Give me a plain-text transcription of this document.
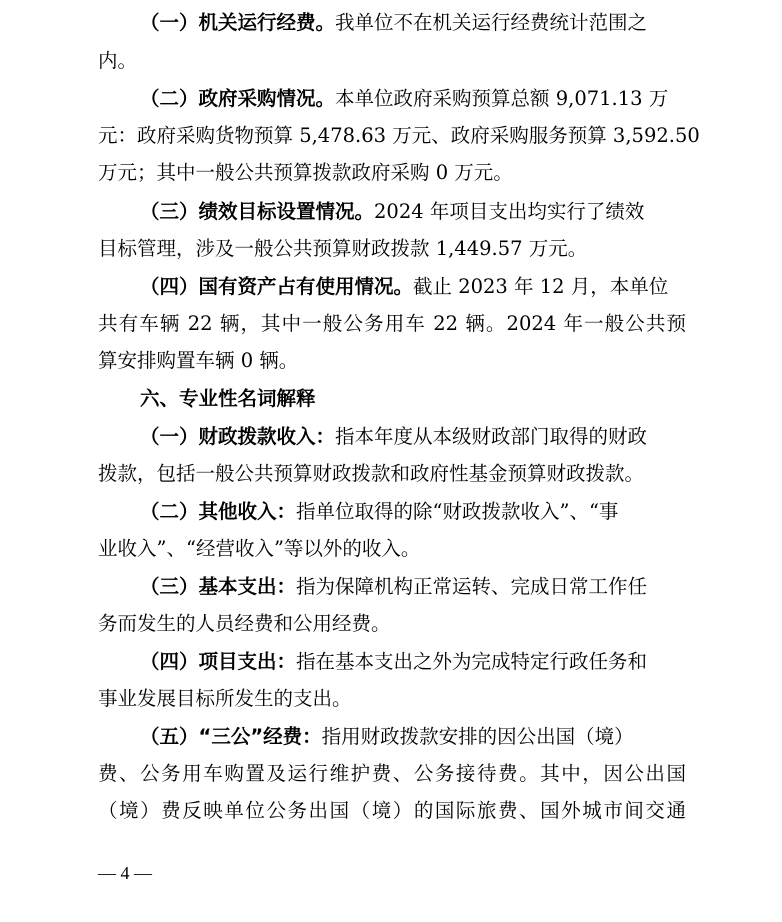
（一）机关运行经费。我单位不在机关运行经费统计范围之
内。
（二）政府采购情况。本单位政府采购预算总额 9,071.13 万
元：政府采购货物预算 5,478.63 万元、政府采购服务预算 3,592.50
万元；其中一般公共预算拨款政府采购 0 万元。
（三）绩效目标设置情况。2024 年项目支出均实行了绩效
目标管理，涉及一般公共预算财政拨款 1,449.57 万元。
（四）国有资产占有使用情况。截止 2023 年 12 月，本单位
共有车辆 22 辆，其中一般公务用车 22 辆。2024 年一般公共预
算安排购置车辆 0 辆。
六、专业性名词解释
（一）财政拨款收入：指本年度从本级财政部门取得的财政
拨款，包括一般公共预算财政拨款和政府性基金预算财政拨款。
（二）其他收入：指单位取得的除“财政拨款收入”、“事
业收入”、“经营收入”等以外的收入。
（三）基本支出：指为保障机构正常运转、完成日常工作任
务而发生的人员经费和公用经费。
（四）项目支出：指在基本支出之外为完成特定行政任务和
事业发展目标所发生的支出。
（五）“三公”经费：指用财政拨款安排的因公出国（境）
费、公务用车购置及运行维护费、公务接待费。其中，因公出国
（境）费反映单位公务出国（境）的国际旅费、国外城市间交通
— 4 —
